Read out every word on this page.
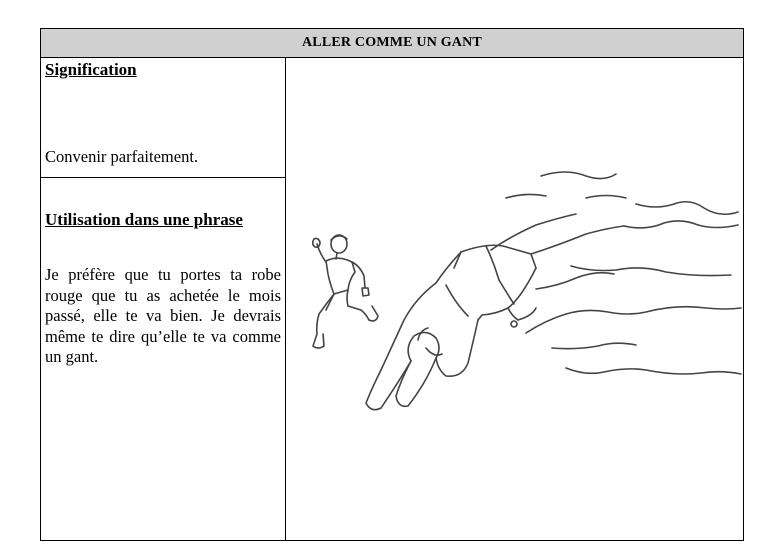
ALLER COMME UN GANT
Signification
Convenir parfaitement.
Utilisation dans une phrase
Je préfère que tu portes ta robe rouge que tu as achetée le mois passé, elle te va bien. Je devrais même te dire qu’elle te va comme un gant.
